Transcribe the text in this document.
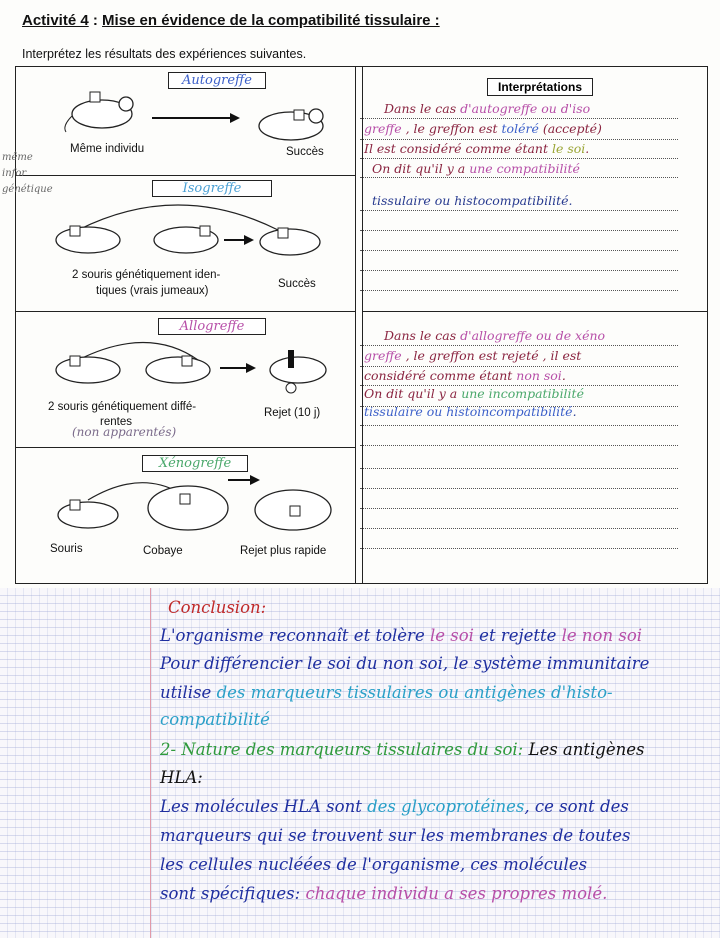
Activité 4 : Mise en évidence de la compatibilité tissulaire :
Interprétez les résultats des expériences suivantes.
Interprétations
même
infor
génétique
Autogreffe
Même individu	Succès
Isogreffe
2 souris génétiquement iden-
tiques (vrais jumeaux)
Succès
Allogreffe
2 souris génétiquement diffé-
rentes
Rejet (10 j)
(non apparentés)
Xénogreffe
Souris	Cobaye	Rejet plus rapide
Dans le cas d'autogreffe ou d'iso
greffe , le greffon est toléré (accepté)
Il est considéré comme étant le soi.
On dit qu'il y a une compatibilité
tissulaire ou histocompatibilité.
Dans le cas d'allogreffe ou de xéno
greffe , le greffon est rejeté , il est
considéré comme étant non soi.
On dit qu'il y a une incompatibilité
tissulaire ou histoincompatibilité.
Conclusion:
L'organisme reconnaît et tolère le soi et rejette le non soi
Pour différencier le soi du non soi, le système immunitaire
utilise des marqueurs tissulaires ou antigènes d'histo-
compatibilité
2- Nature des marqueurs tissulaires du soi: Les antigènes
HLA:
Les molécules HLA sont des glycoprotéines, ce sont des
marqueurs qui se trouvent sur les membranes de toutes
les cellules nucléées de l'organisme, ces molécules
sont spécifiques: chaque individu a ses propres molé.
